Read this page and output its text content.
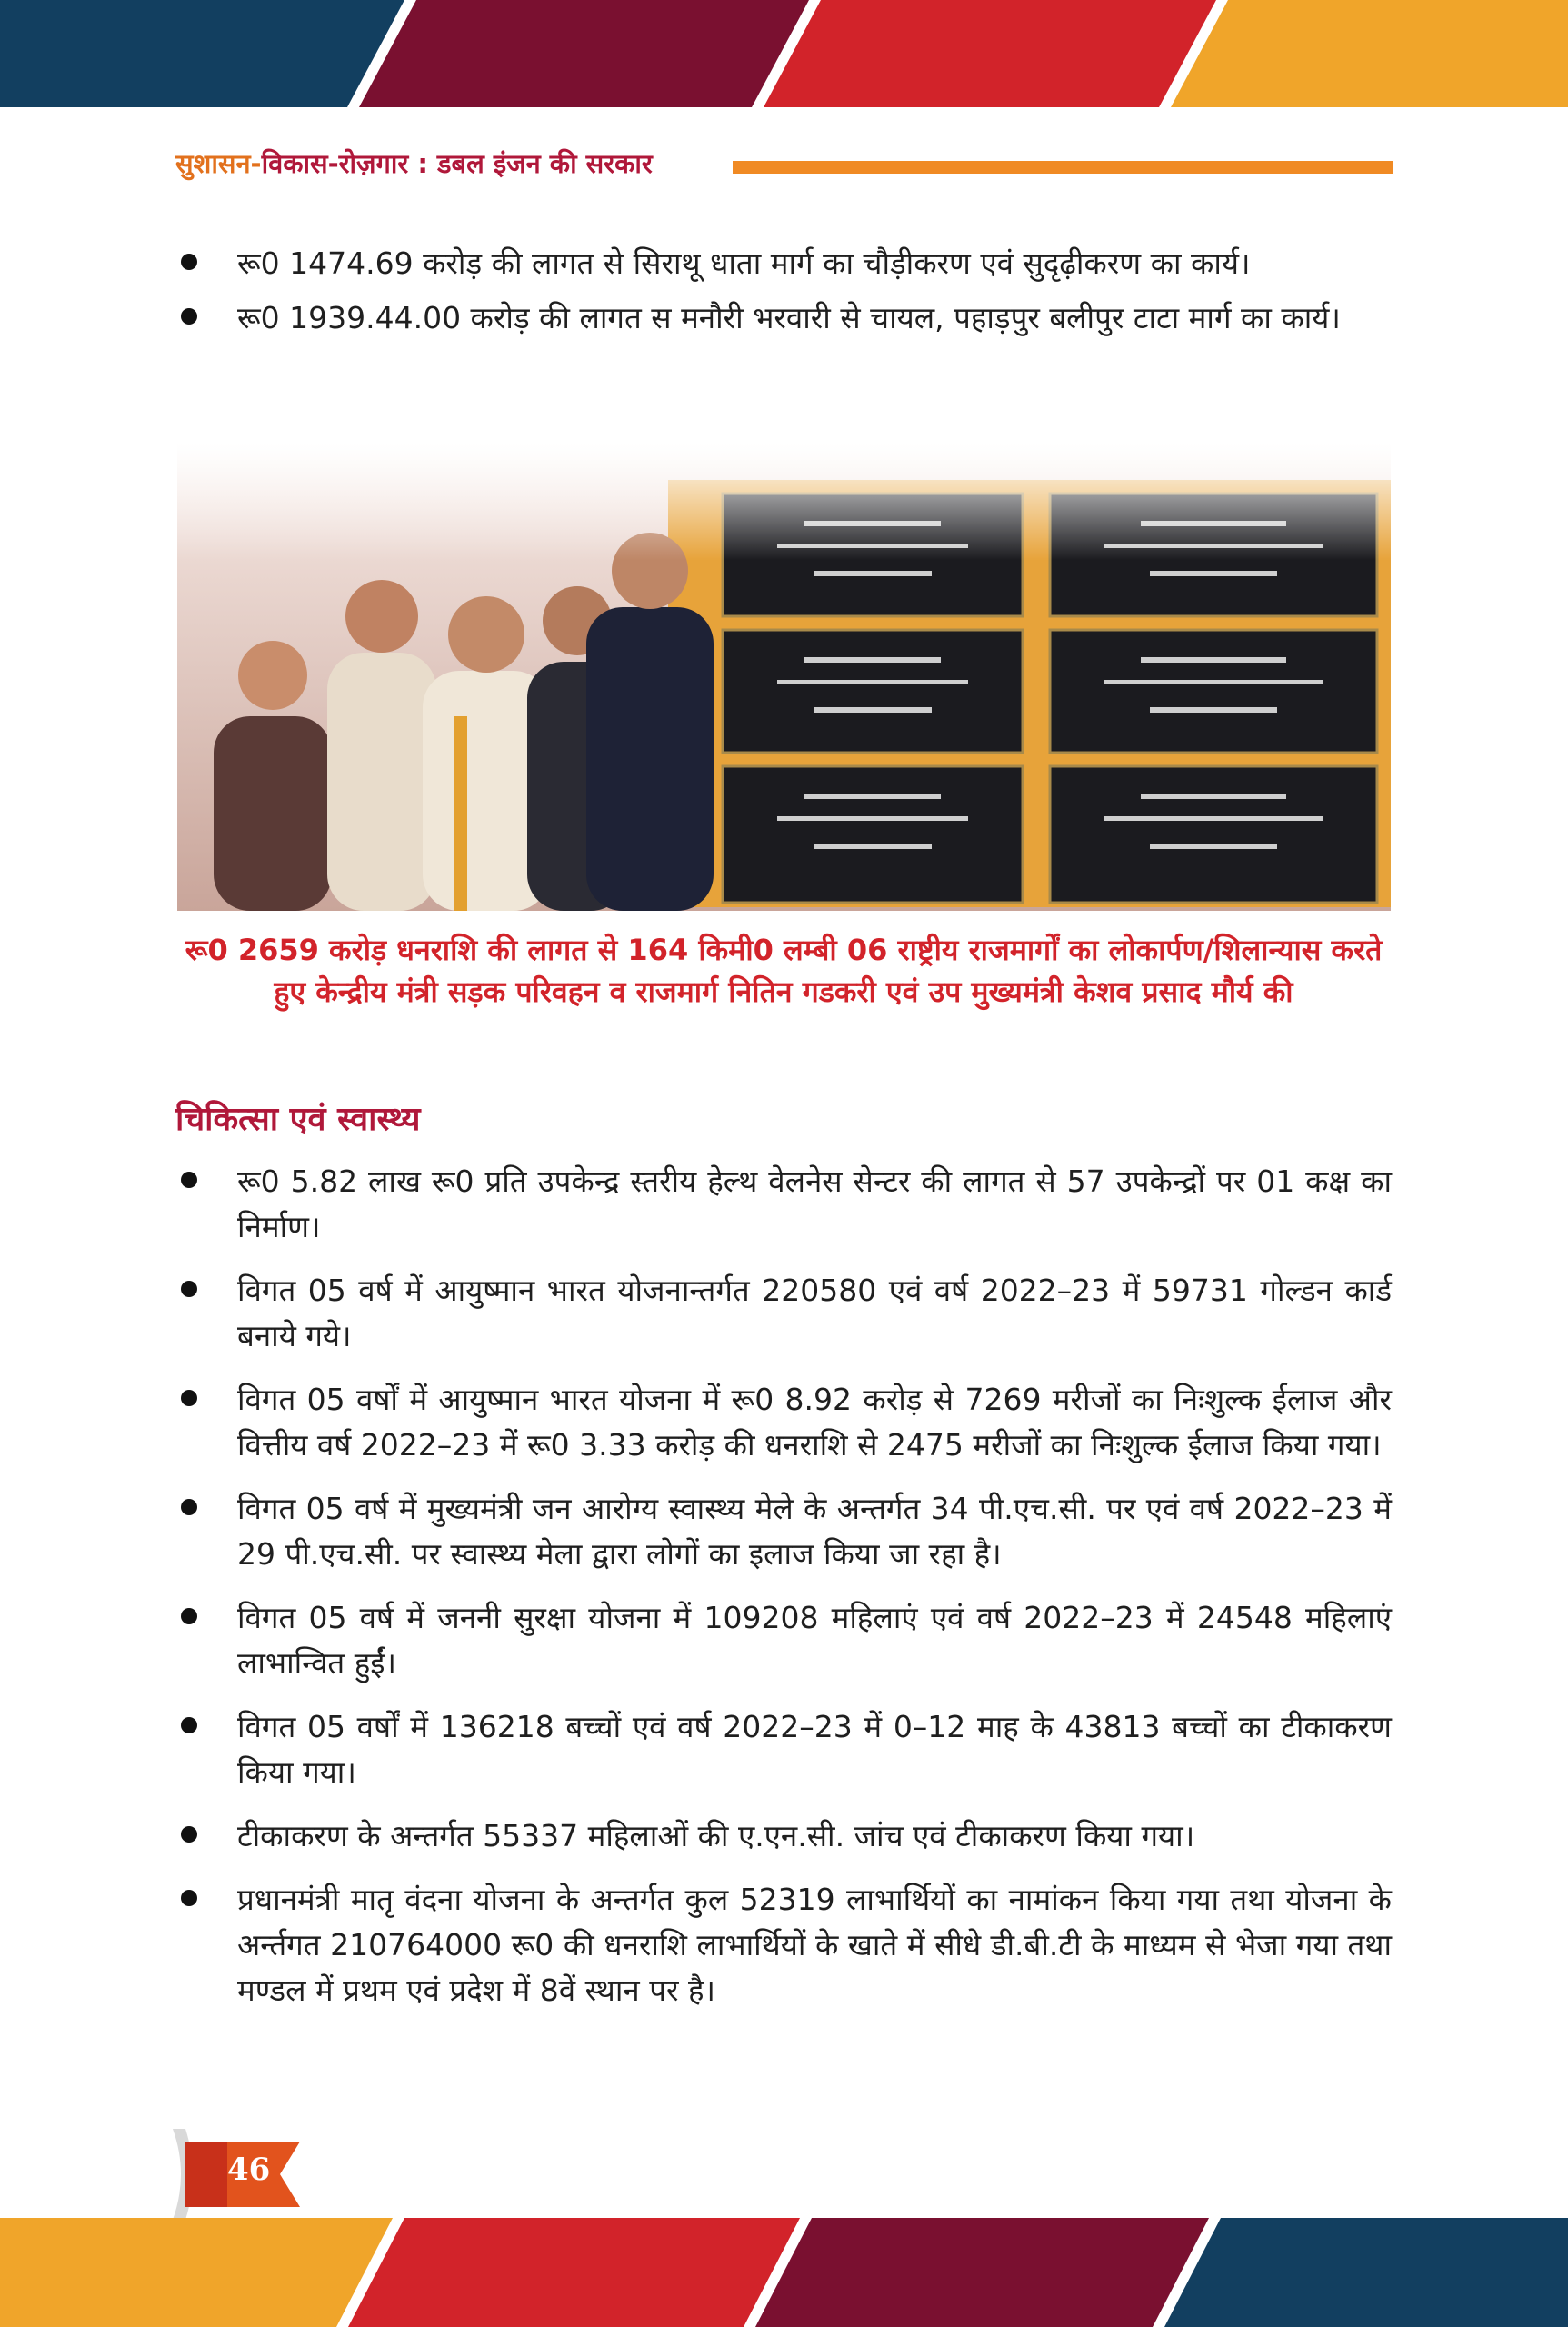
सुशासन-विकास-रोज़गार : डबल इंजन की सरकार
रू0 1474.69 करोड़ की लागत से सिराथू धाता मार्ग का चौड़ीकरण एवं सुदृढ़ीकरण का कार्य।
रू0 1939.44.00 करोड़ की लागत स मनौरी भरवारी से चायल, पहाड़पुर बलीपुर टाटा मार्ग का कार्य।
रू0 2659 करोड़ धनराशि की लागत से 164 किमी0 लम्बी 06 राष्ट्रीय राजमार्गों का लोकार्पण/शिलान्यास करते हुए केन्द्रीय मंत्री सड़क परिवहन व राजमार्ग नितिन गडकरी एवं उप मुख्यमंत्री केशव प्रसाद मौर्य की
चिकित्सा एवं स्वास्थ्य
रू0 5.82 लाख रू0 प्रति उपकेन्द्र स्तरीय हेल्थ वेलनेस सेन्टर की लागत से 57 उपकेन्द्रों पर 01 कक्ष का निर्माण।
विगत 05 वर्ष में आयुष्मान भारत योजनान्तर्गत 220580 एवं वर्ष 2022–23 में 59731 गोल्डन कार्ड बनाये गये।
विगत 05 वर्षों में आयुष्मान भारत योजना में रू0 8.92 करोड़ से 7269 मरीजों का निःशुल्क ईलाज और वित्तीय वर्ष 2022–23 में रू0 3.33 करोड़ की धनराशि से 2475 मरीजों का निःशुल्क ईलाज किया गया।
विगत 05 वर्ष में मुख्यमंत्री जन आरोग्य स्वास्थ्य मेले के अन्तर्गत 34 पी.एच.सी. पर एवं वर्ष 2022–23 में 29 पी.एच.सी. पर स्वास्थ्य मेला द्वारा लोगों का इलाज किया जा रहा है।
विगत 05 वर्ष में जननी सुरक्षा योजना में 109208 महिलाएं एवं वर्ष 2022–23 में 24548 महिलाएं लाभान्वित हुईं।
विगत 05 वर्षों में 136218 बच्चों एवं वर्ष 2022–23 में 0–12 माह के 43813 बच्चों का टीकाकरण किया गया।
टीकाकरण के अन्तर्गत 55337 महिलाओं की ए.एन.सी. जांच एवं टीकाकरण किया गया।
प्रधानमंत्री मातृ वंदना योजना के अन्तर्गत कुल 52319 लाभार्थियों का नामांकन किया गया तथा योजना के अर्न्तगत 210764000 रू0 की धनराशि लाभार्थियों के खाते में सीधे डी.बी.टी के माध्यम से भेजा गया तथा मण्डल में प्रथम एवं प्रदेश में 8वें स्थान पर है।
46
